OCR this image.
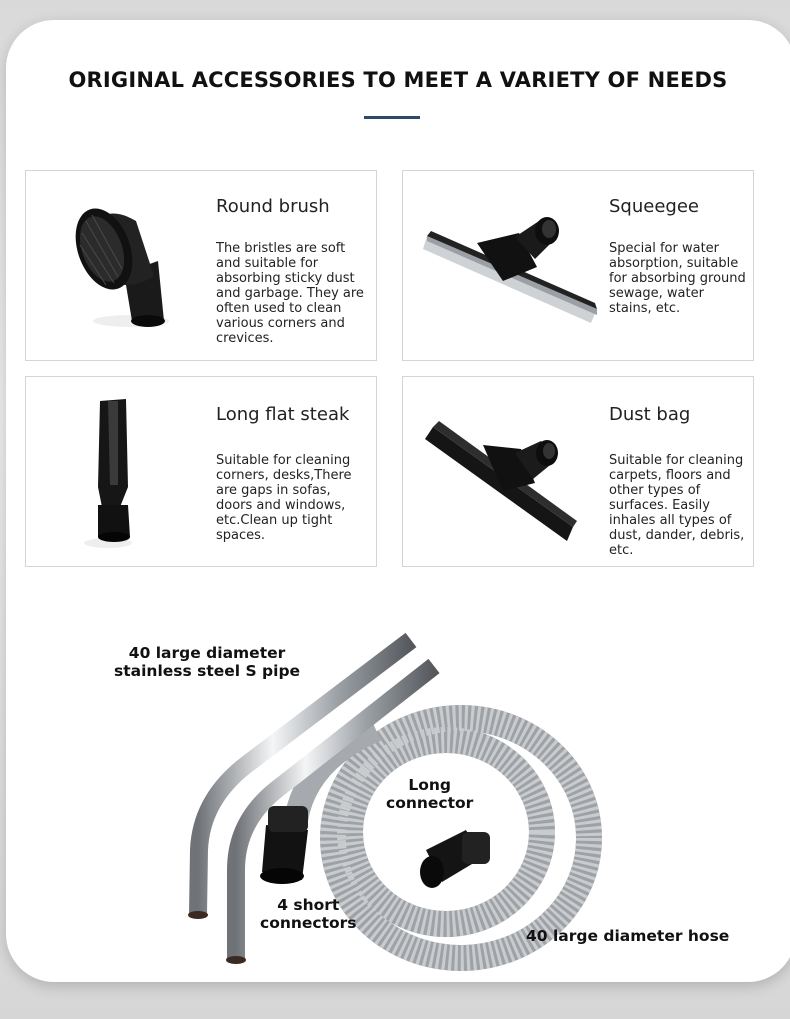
ORIGINAL ACCESSORIES TO MEET A VARIETY OF NEEDS
Round brush

The bristles are soft and suitable for absorbing sticky dust and garbage. They are often used to clean various corners and crevices.

Squeegee

Special for water absorption, suitable for absorbing ground sewage, water stains, etc.

Long flat steak

Suitable for cleaning corners, desks,There are gaps in sofas, doors and windows, etc.Clean up tight spaces.

Dust bag

Suitable for cleaning carpets, floors and other types of surfaces. Easily inhales all types of dust, dander, debris, etc.

40 large diameter
stainless steel S pipe
Long
connector
4 short
connectors
40 large diameter hose
